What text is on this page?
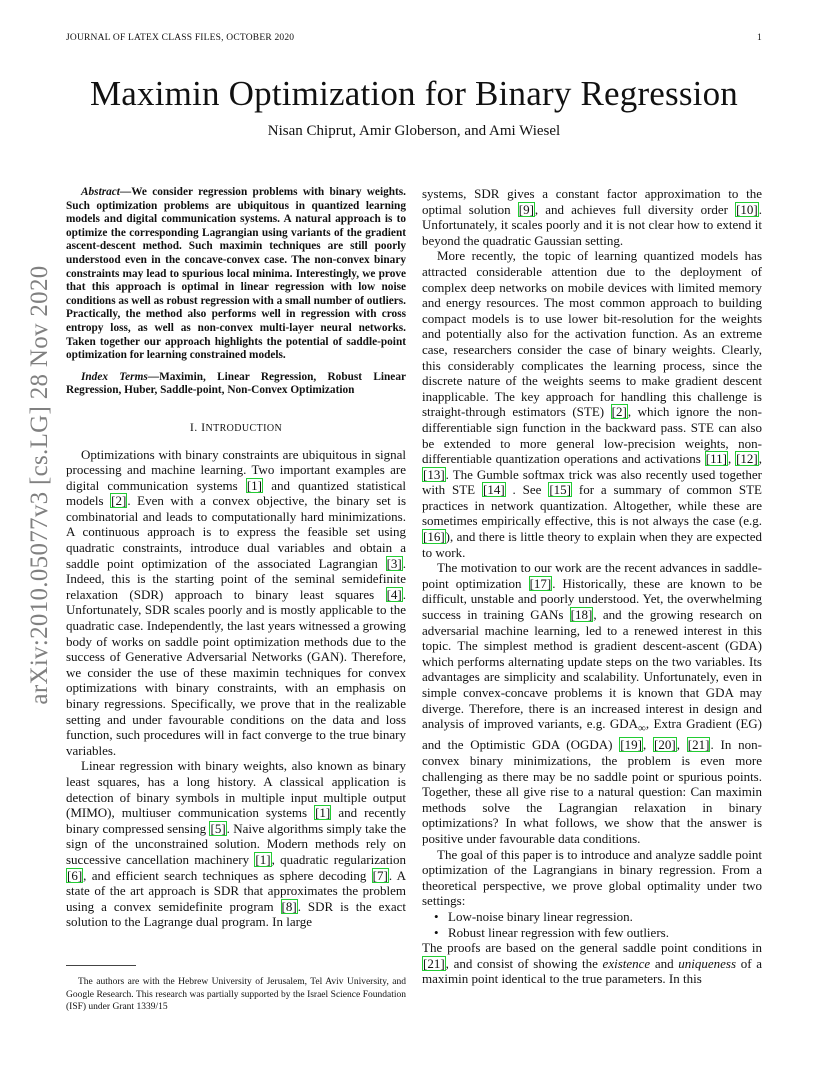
JOURNAL OF LATEX CLASS FILES, OCTOBER 2020	1
arXiv:2010.05077v3 [cs.LG] 28 Nov 2020
Maximin Optimization for Binary Regression
Nisan Chiprut, Amir Globerson, and Ami Wiesel

Abstract—We consider regression problems with binary weights. Such optimization problems are ubiquitous in quantized learning models and digital communication systems. A natural approach is to optimize the corresponding Lagrangian using variants of the gradient ascent-descent method. Such maximin techniques are still poorly understood even in the concave-convex case. The non-convex binary constraints may lead to spurious local minima. Interestingly, we prove that this approach is optimal in linear regression with low noise conditions as well as robust regression with a small number of outliers. Practically, the method also performs well in regression with cross entropy loss, as well as non-convex multi-layer neural networks. Taken together our approach highlights the potential of saddle-point optimization for learning constrained models.

Index Terms—Maximin, Linear Regression, Robust Linear Regression, Huber, Saddle-point, Non-Convex Optimization

I. INTRODUCTION

Optimizations with binary constraints are ubiquitous in signal processing and machine learning. Two important examples are digital communication systems [1] and quantized statistical models [2]. Even with a convex objective, the binary set is combinatorial and leads to computationally hard minimizations. A continuous approach is to express the feasible set using quadratic constraints, introduce dual variables and obtain a saddle point optimization of the associated Lagrangian [3]. Indeed, this is the starting point of the seminal semidefinite relaxation (SDR) approach to binary least squares [4]. Unfortunately, SDR scales poorly and is mostly applicable to the quadratic case. Independently, the last years witnessed a growing body of works on saddle point optimization methods due to the success of Generative Adversarial Networks (GAN). Therefore, we consider the use of these maximin techniques for convex optimizations with binary constraints, with an emphasis on binary regressions. Specifically, we prove that in the realizable setting and under favourable conditions on the data and loss function, such procedures will in fact converge to the true binary variables.

Linear regression with binary weights, also known as binary least squares, has a long history. A classical application is detection of binary symbols in multiple input multiple output (MIMO), multiuser communication systems [1] and recently binary compressed sensing [5]. Naive algorithms simply take the sign of the unconstrained solution. Modern methods rely on successive cancellation machinery [1], quadratic regularization [6], and efficient search techniques as sphere decoding [7]. A state of the art approach is SDR that approximates the problem using a convex semidefinite program [8]. SDR is the exact solution to the Lagrange dual program. In large

The authors are with the Hebrew University of Jerusalem, Tel Aviv University, and Google Research. This research was partially supported by the Israel Science Foundation (ISF) under Grant 1339/15

systems, SDR gives a constant factor approximation to the optimal solution [9], and achieves full diversity order [10]. Unfortunately, it scales poorly and it is not clear how to extend it beyond the quadratic Gaussian setting.

More recently, the topic of learning quantized models has attracted considerable attention due to the deployment of complex deep networks on mobile devices with limited memory and energy resources. The most common approach to building compact models is to use lower bit-resolution for the weights and potentially also for the activation function. As an extreme case, researchers consider the case of binary weights. Clearly, this considerably complicates the learning process, since the discrete nature of the weights seems to make gradient descent inapplicable. The key approach for handling this challenge is straight-through estimators (STE) [2], which ignore the non-differentiable sign function in the backward pass. STE can also be extended to more general low-precision weights, non-differentiable quantization operations and activations [11], [12], [13]. The Gumble softmax trick was also recently used together with STE [14] . See [15] for a summary of common STE practices in network quantization. Altogether, while these are sometimes empirically effective, this is not always the case (e.g. [16]), and there is little theory to explain when they are expected to work.

The motivation to our work are the recent advances in saddle-point optimization [17]. Historically, these are known to be difficult, unstable and poorly understood. Yet, the overwhelming success in training GANs [18], and the growing research on adversarial machine learning, led to a renewed interest in this topic. The simplest method is gradient descent-ascent (GDA) which performs alternating update steps on the two variables. Its advantages are simplicity and scalability. Unfortunately, even in simple convex-concave problems it is known that GDA may diverge. Therefore, there is an increased interest in design and analysis of improved variants, e.g. $GDA_\infty$, Extra Gradient (EG) and the Optimistic GDA (OGDA) [19], [20], [21]. In non-convex binary minimizations, the problem is even more challenging as there may be no saddle point or spurious points. Together, these all give rise to a natural question: Can maximin methods solve the Lagrangian relaxation in binary optimizations? In what follows, we show that the answer is positive under favourable data conditions.

The goal of this paper is to introduce and analyze saddle point optimization of the Lagrangians in binary regression. From a theoretical perspective, we prove global optimality under two settings:

• Low-noise binary linear regression.
• Robust linear regression with few outliers.

The proofs are based on the general saddle point conditions in [21], and consist of showing the existence and uniqueness of a maximin point identical to the true parameters. In this
